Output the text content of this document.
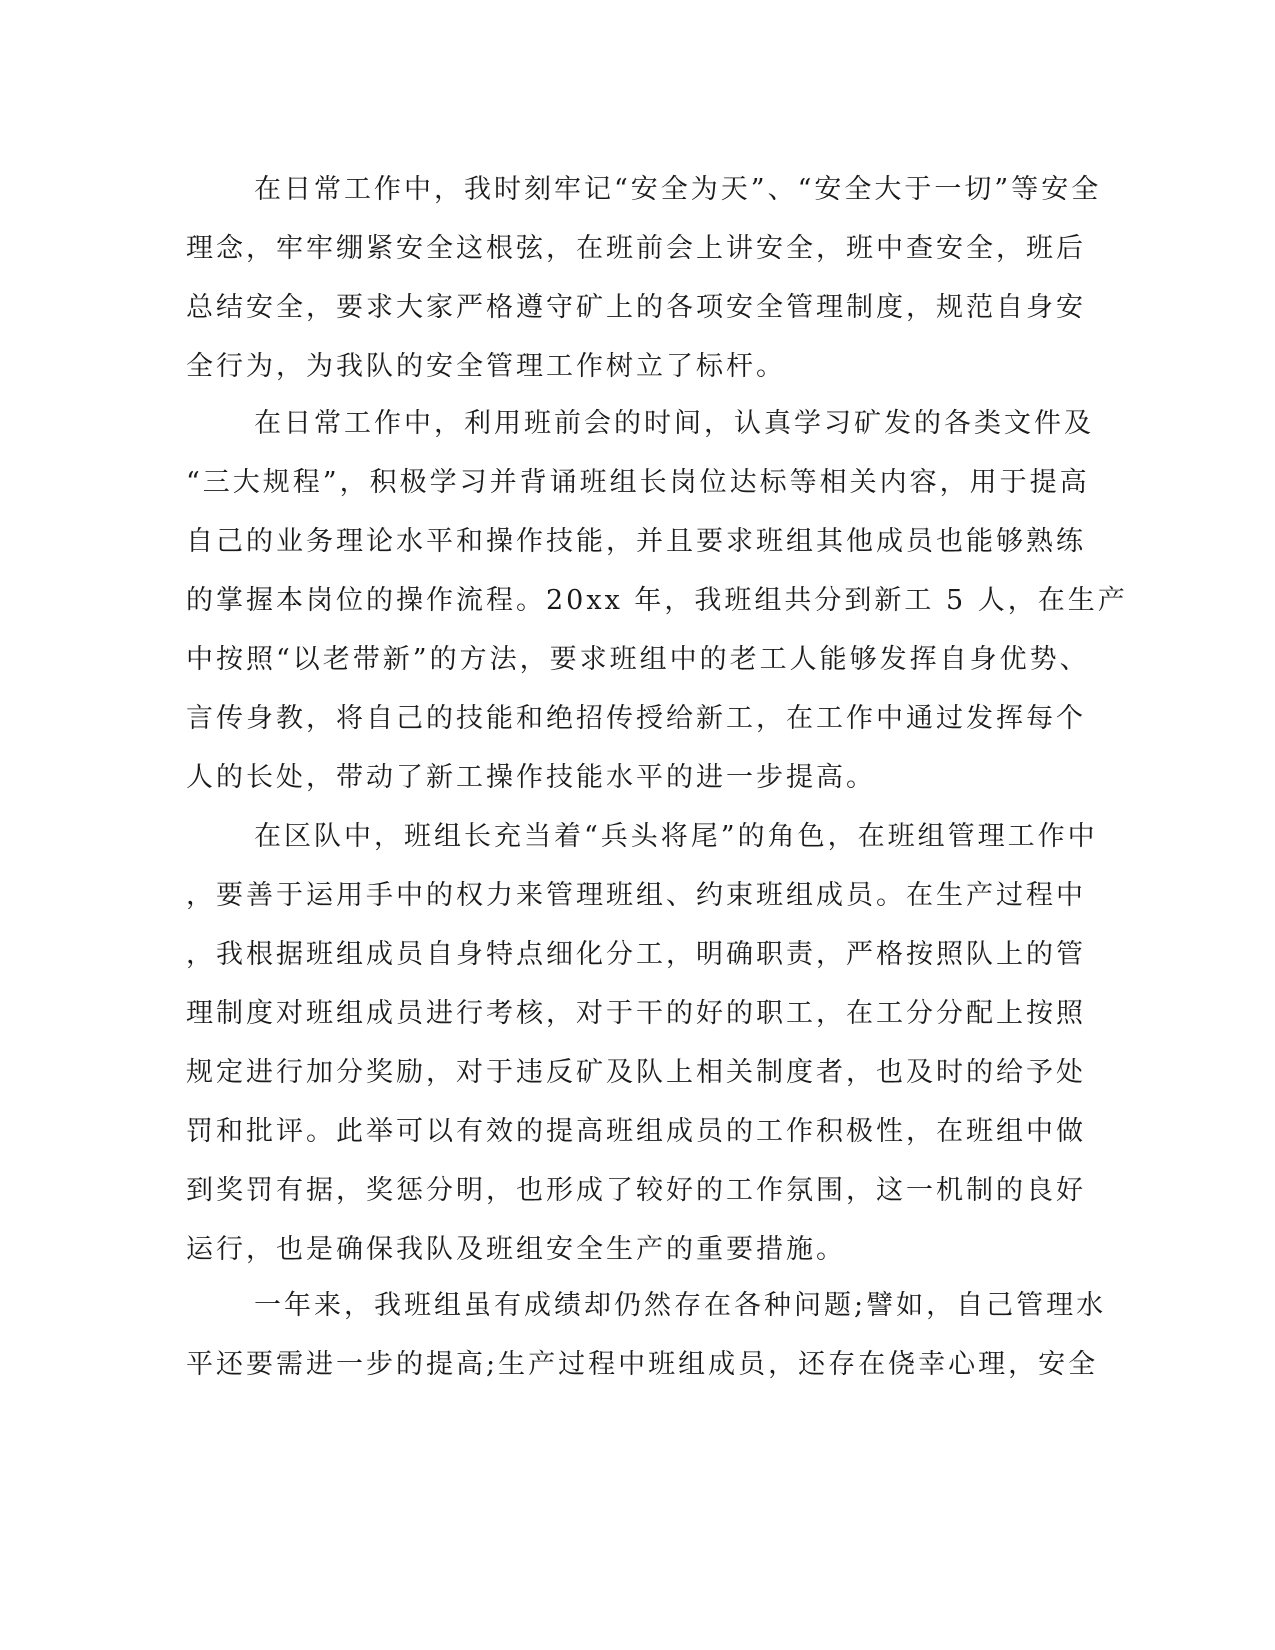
在日常工作中，我时刻牢记“安全为天”、“安全大于一切”等安全
理念，牢牢绷紧安全这根弦，在班前会上讲安全，班中查安全，班后
总结安全，要求大家严格遵守矿上的各项安全管理制度，规范自身安
全行为，为我队的安全管理工作树立了标杆。
在日常工作中，利用班前会的时间，认真学习矿发的各类文件及
“三大规程”，积极学习并背诵班组长岗位达标等相关内容，用于提高
自己的业务理论水平和操作技能，并且要求班组其他成员也能够熟练
的掌握本岗位的操作流程。20xx 年，我班组共分到新工 5 人，在生产
中按照“以老带新”的方法，要求班组中的老工人能够发挥自身优势、
言传身教，将自己的技能和绝招传授给新工，在工作中通过发挥每个
人的长处，带动了新工操作技能水平的进一步提高。
在区队中，班组长充当着“兵头将尾”的角色，在班组管理工作中
，要善于运用手中的权力来管理班组、约束班组成员。在生产过程中
，我根据班组成员自身特点细化分工，明确职责，严格按照队上的管
理制度对班组成员进行考核，对于干的好的职工，在工分分配上按照
规定进行加分奖励，对于违反矿及队上相关制度者，也及时的给予处
罚和批评。此举可以有效的提高班组成员的工作积极性，在班组中做
到奖罚有据，奖惩分明，也形成了较好的工作氛围，这一机制的良好
运行，也是确保我队及班组安全生产的重要措施。
一年来，我班组虽有成绩却仍然存在各种问题;譬如，自己管理水
平还要需进一步的提高;生产过程中班组成员，还存在侥幸心理，安全
